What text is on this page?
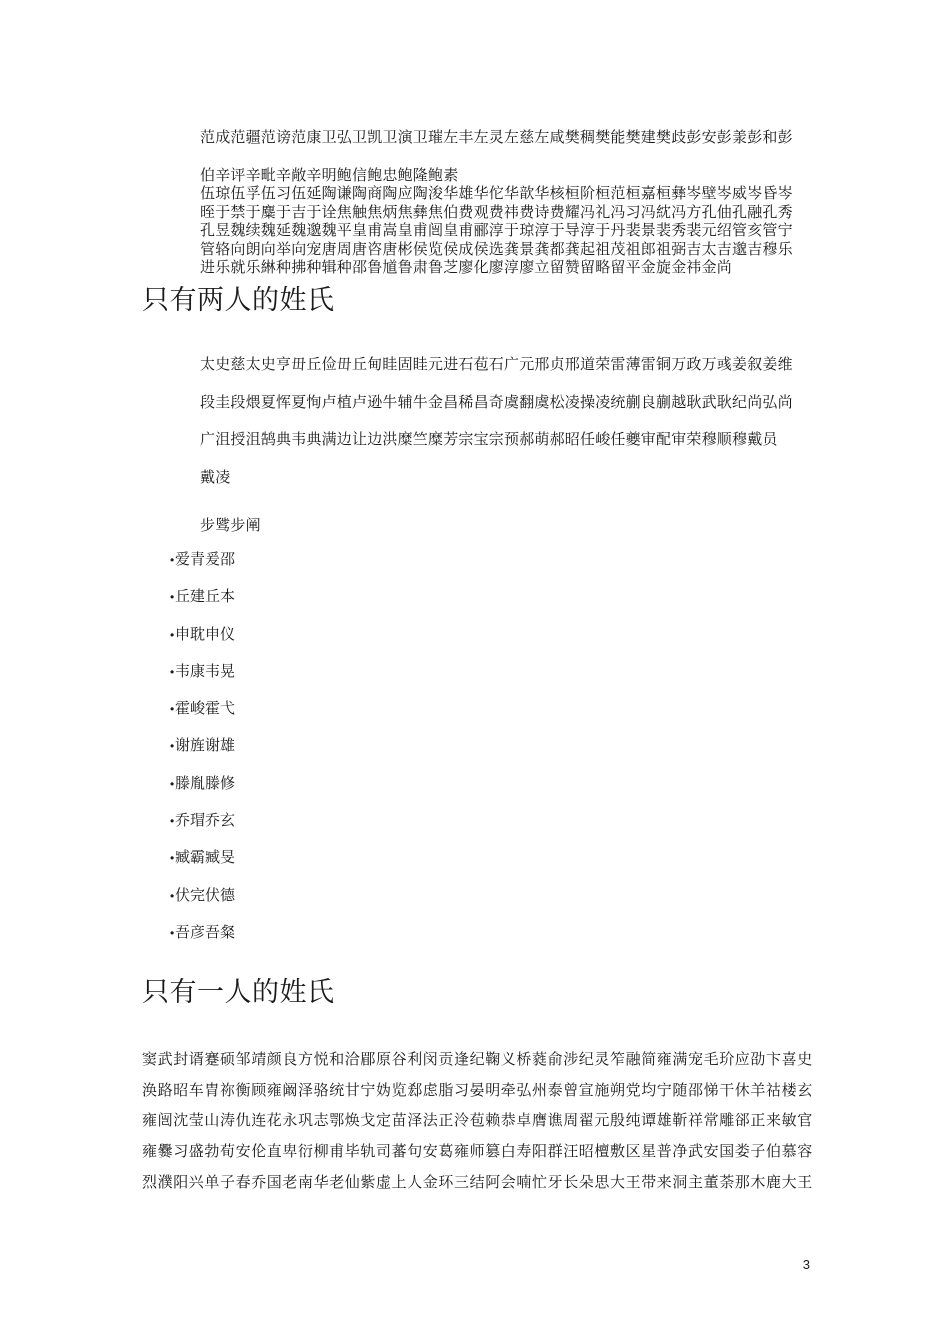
范成范疆范谤范康卫弘卫凯卫演卫璀左丰左灵左慈左咸樊稠樊能樊建樊歧彭安彭羕彭和彭
伯辛评辛毗辛敞辛明鲍信鲍忠鲍隆鲍素
伍琼伍孚伍习伍延陶谦陶商陶应陶浚华雄华佗华歆华核桓阶桓范桓嘉桓彝岑壁岑威岑昏岑
晊于禁于麋于吉于诠焦触焦炳焦彝焦伯费观费祎费诗费耀冯礼冯习冯紞冯方孔伷孔融孔秀
孔昱魏续魏延魏邈魏平皇甫嵩皇甫闿皇甫郦淳于琼淳于导淳于丹裴景裴秀裴元绍管亥管宁
管辂向朗向举向宠唐周唐咨唐彬侯览侯成侯选龚景龚都龚起祖茂祖郎祖弼吉太吉邈吉穆乐
进乐就乐綝种拂种辑种邵鲁馗鲁肃鲁芝廖化廖淳廖立留赞留略留平金旋金祎金尚
只有两人的姓氏
太史慈太史亨毌丘俭毌丘甸眭固眭元进石苞石广元邢贞邢道荣雷薄雷铜万政万彧姜叙姜维
段圭段煨夏恽夏恂卢植卢逊牛辅牛金昌稀昌奇虞翻虞松凌操凌统蒯良蒯越耿武耿纪尚弘尚
广沮授沮鹄典韦典满边让边洪糜竺糜芳宗宝宗预郝萌郝昭任峻任夔审配审荣穆顺穆戴员
戴凌
步骘步阐
•爱青爰邵
•丘建丘本
•申耽申仪
•韦康韦晃
•霍峻霍弋
•谢旌谢雄
•滕胤滕修
•乔瑁乔玄
•臧霸臧旻
•伏完伏德
•吾彦吾粲
只有一人的姓氏
窦武封谞蹇硕邹靖颜良方悦和洽郿原谷利闵贡逢纪鞠义桥蕤俞涉纪灵笮融简雍满宠毛玠应劭卞喜史
涣路昭车胄祢衡顾雍阚泽骆统甘宁妫览郄虑脂习晏明牵弘州泰曾宣施朔党均宁随邵悌干休羊祜楼玄
雍闿沈莹山涛仇连花永巩志鄂焕戈定苗泽法正泠苞赖恭卓膺谯周翟元殷纯谭雄靳祥常雕郤正来敏官
雍爨习盛勃荀安伦直卑衍柳甫毕轨司蕃句安葛雍师篡白寿阳群汪昭檀敷区星普净武安国娄子伯慕容
烈濮阳兴单子春乔国老南华老仙紫虚上人金环三结阿会喃忙牙长朵思大王带来洞主董荼那木鹿大王
3
